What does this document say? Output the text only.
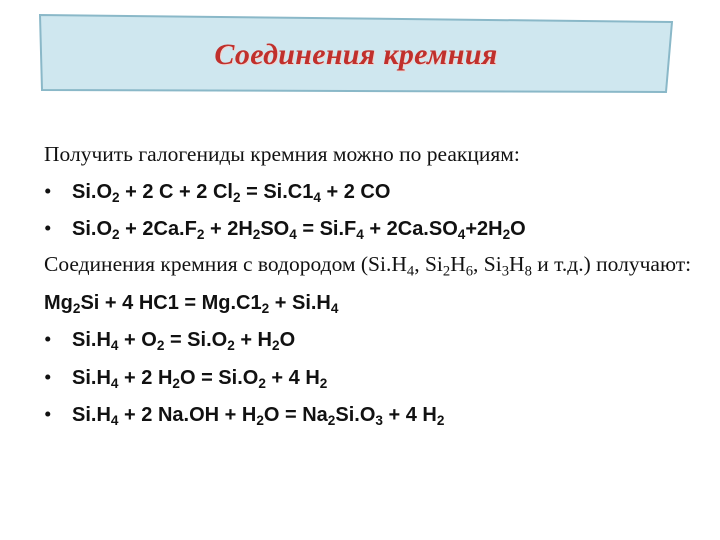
Соединения кремния
Получить галогениды кремния можно по реакциям:
• $Si.O_2 + 2$ C + 2 $Cl_2 = Si.C1_4 + 2$ CO
• $Si.O_2 + 2Ca.F_2 + 2H_2SO_4 = Si.F_4 + 2Ca.SO_4+2H_2O$
Соединения кремния с водородом ($Si.H_4$, $Si_2H_6$, $Si_3H_8$ и т.д.) получают:
$Mg_2Si + 4$ $HC1 = Mg.C1_2 + Si.H_4$
• $Si.H_4 + O_2 = Si.O_2 + H_2O$
• $Si.H_4 + 2$ $H_2O = Si.O_2 + 4$ $H_2$
• $Si.H_4 + 2$ $Na.OH + H_2O = Na_2Si.O_3 + 4$ $H_2$
